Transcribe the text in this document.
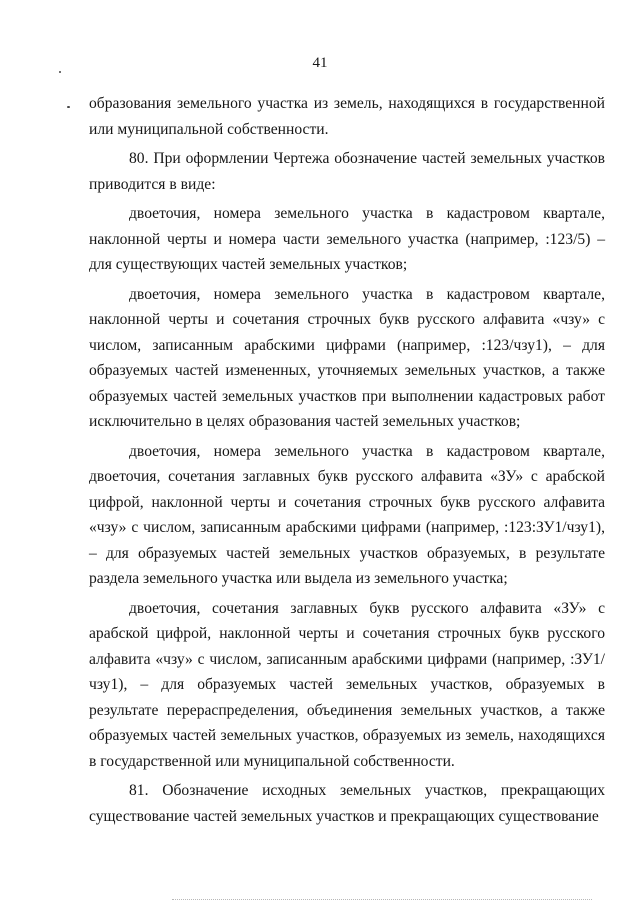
41

образования земельного участка из земель, находящихся в государственной или муниципальной собственности.

80. При оформлении Чертежа обозначение частей земельных участков приводится в виде:

двоеточия, номера земельного участка в кадастровом квартале, наклонной черты и номера части земельного участка (например, :123/5) – для существующих частей земельных участков;

двоеточия, номера земельного участка в кадастровом квартале, наклонной черты и сочетания строчных букв русского алфавита «чзу» с числом, записанным арабскими цифрами (например, :123/чзу1), – для образуемых частей измененных, уточняемых земельных участков, а также образуемых частей земельных участков при выполнении кадастровых работ исключительно в целях образования частей земельных участков;

двоеточия, номера земельного участка в кадастровом квартале, двоеточия, сочетания заглавных букв русского алфавита «ЗУ» с арабской цифрой, наклонной черты и сочетания строчных букв русского алфавита «чзу» с числом, записанным арабскими цифрами (например, :123:ЗУ1/чзу1), – для образуемых частей земельных участков образуемых, в результате раздела земельного участка или выдела из земельного участка;

двоеточия, сочетания заглавных букв русского алфавита «ЗУ» с арабской цифрой, наклонной черты и сочетания строчных букв русского алфавита «чзу» с числом, записанным арабскими цифрами (например, :ЗУ1/чзу1), – для образуемых частей земельных участков, образуемых в результате перераспределения, объединения земельных участков, а также образуемых частей земельных участков, образуемых из земель, находящихся в государственной или муниципальной собственности.

81. Обозначение исходных земельных участков, прекращающих существование частей земельных участков и прекращающих существование
